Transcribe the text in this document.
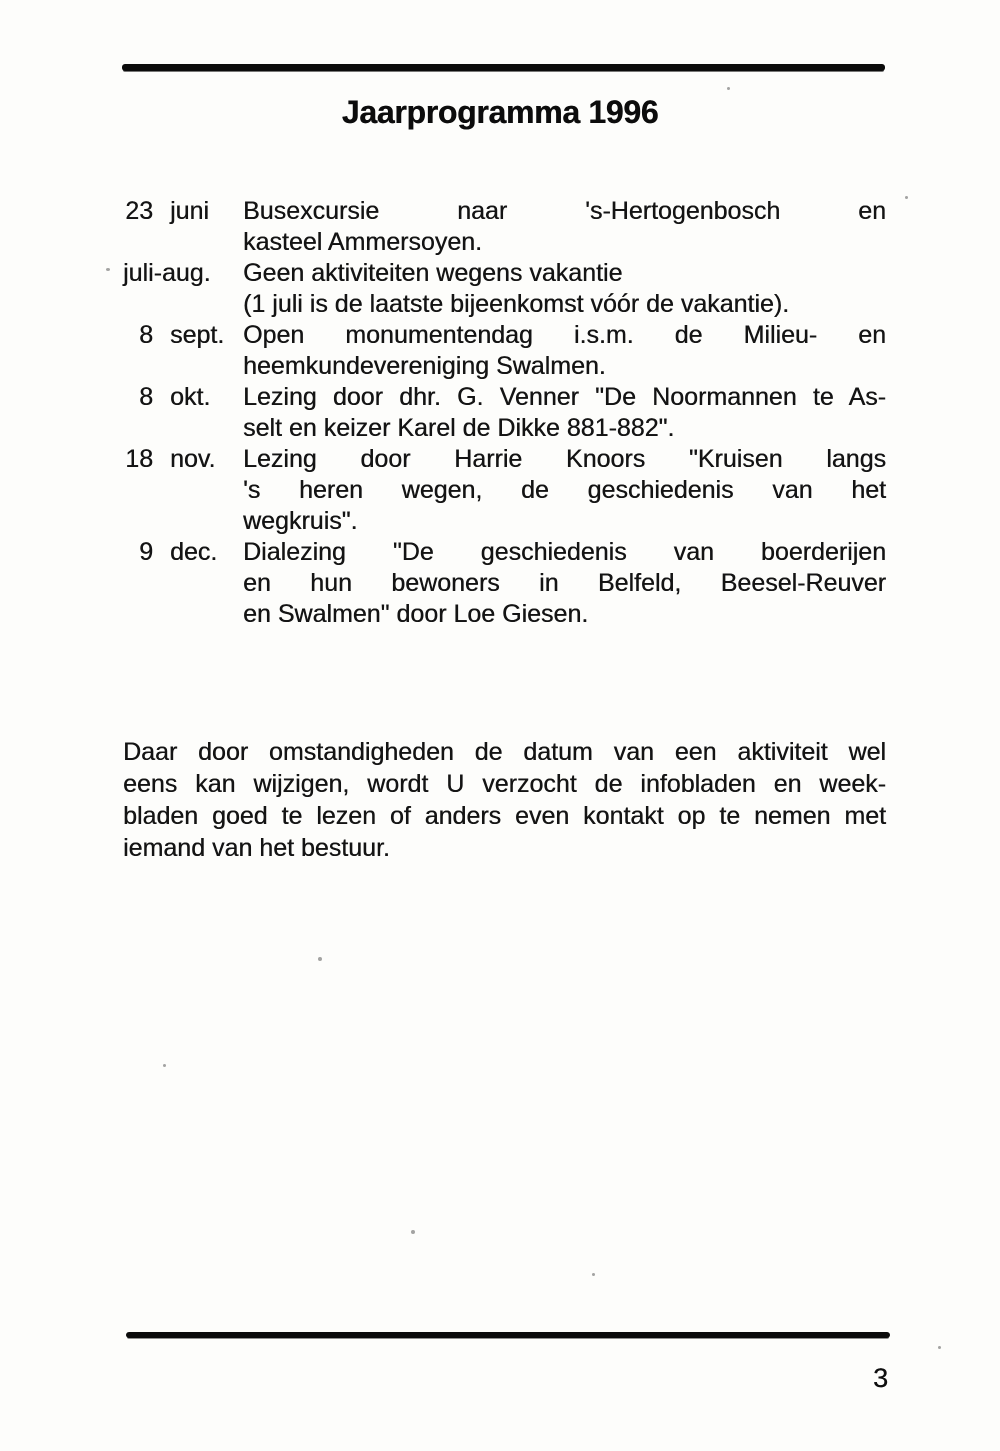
Jaarprogramma 1996
23 juni Busexcursie naar 's-Hertogenbosch en
kasteel Ammersoyen.
juli-aug. Geen aktiviteiten wegens vakantie
(1 juli is de laatste bijeenkomst vóór de vakantie).
8 sept. Open monumentendag i.s.m. de Milieu- en
heemkundevereniging Swalmen.
8 okt. Lezing door dhr. G. Venner "De Noormannen te As-
selt en keizer Karel de Dikke 881-882".
18 nov. Lezing door Harrie Knoors "Kruisen langs
's heren wegen, de geschiedenis van het
wegkruis".
9 dec. Dialezing "De geschiedenis van boerderijen
en hun bewoners in Belfeld, Beesel-Reuver
en Swalmen" door Loe Giesen.
Daar door omstandigheden de datum van een aktiviteit wel
eens kan wijzigen, wordt U verzocht de infobladen en week-
bladen goed te lezen of anders even kontakt op te nemen met
iemand van het bestuur.
3
